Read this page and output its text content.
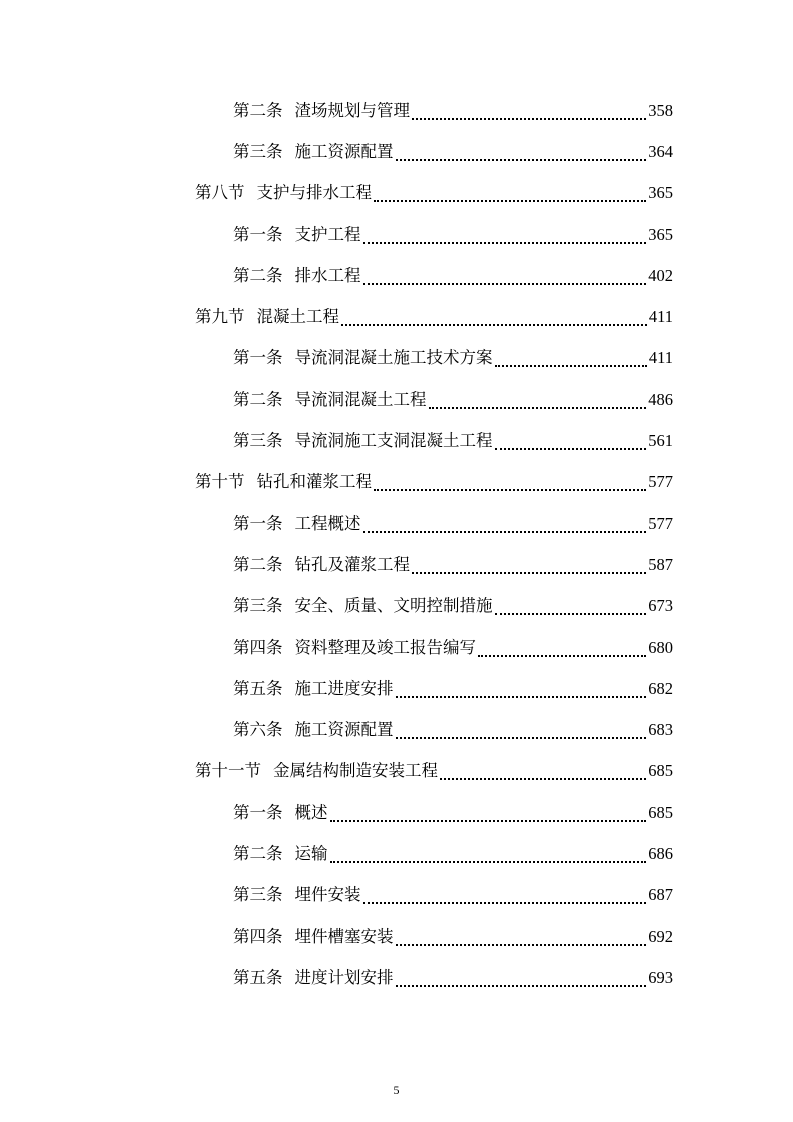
第二条 渣场规划与管理	358
第三条 施工资源配置	364
第八节 支护与排水工程	365
第一条 支护工程	365
第二条 排水工程	402
第九节 混凝土工程	411
第一条 导流洞混凝土施工技术方案	411
第二条 导流洞混凝土工程	486
第三条 导流洞施工支洞混凝土工程	561
第十节 钻孔和灌浆工程	577
第一条 工程概述	577
第二条 钻孔及灌浆工程	587
第三条 安全、质量、文明控制措施	673
第四条 资料整理及竣工报告编写	680
第五条 施工进度安排	682
第六条 施工资源配置	683
第十一节 金属结构制造安装工程	685
第一条 概述	685
第二条 运输	686
第三条 埋件安装	687
第四条 埋件槽塞安装	692
第五条 进度计划安排	693
5
